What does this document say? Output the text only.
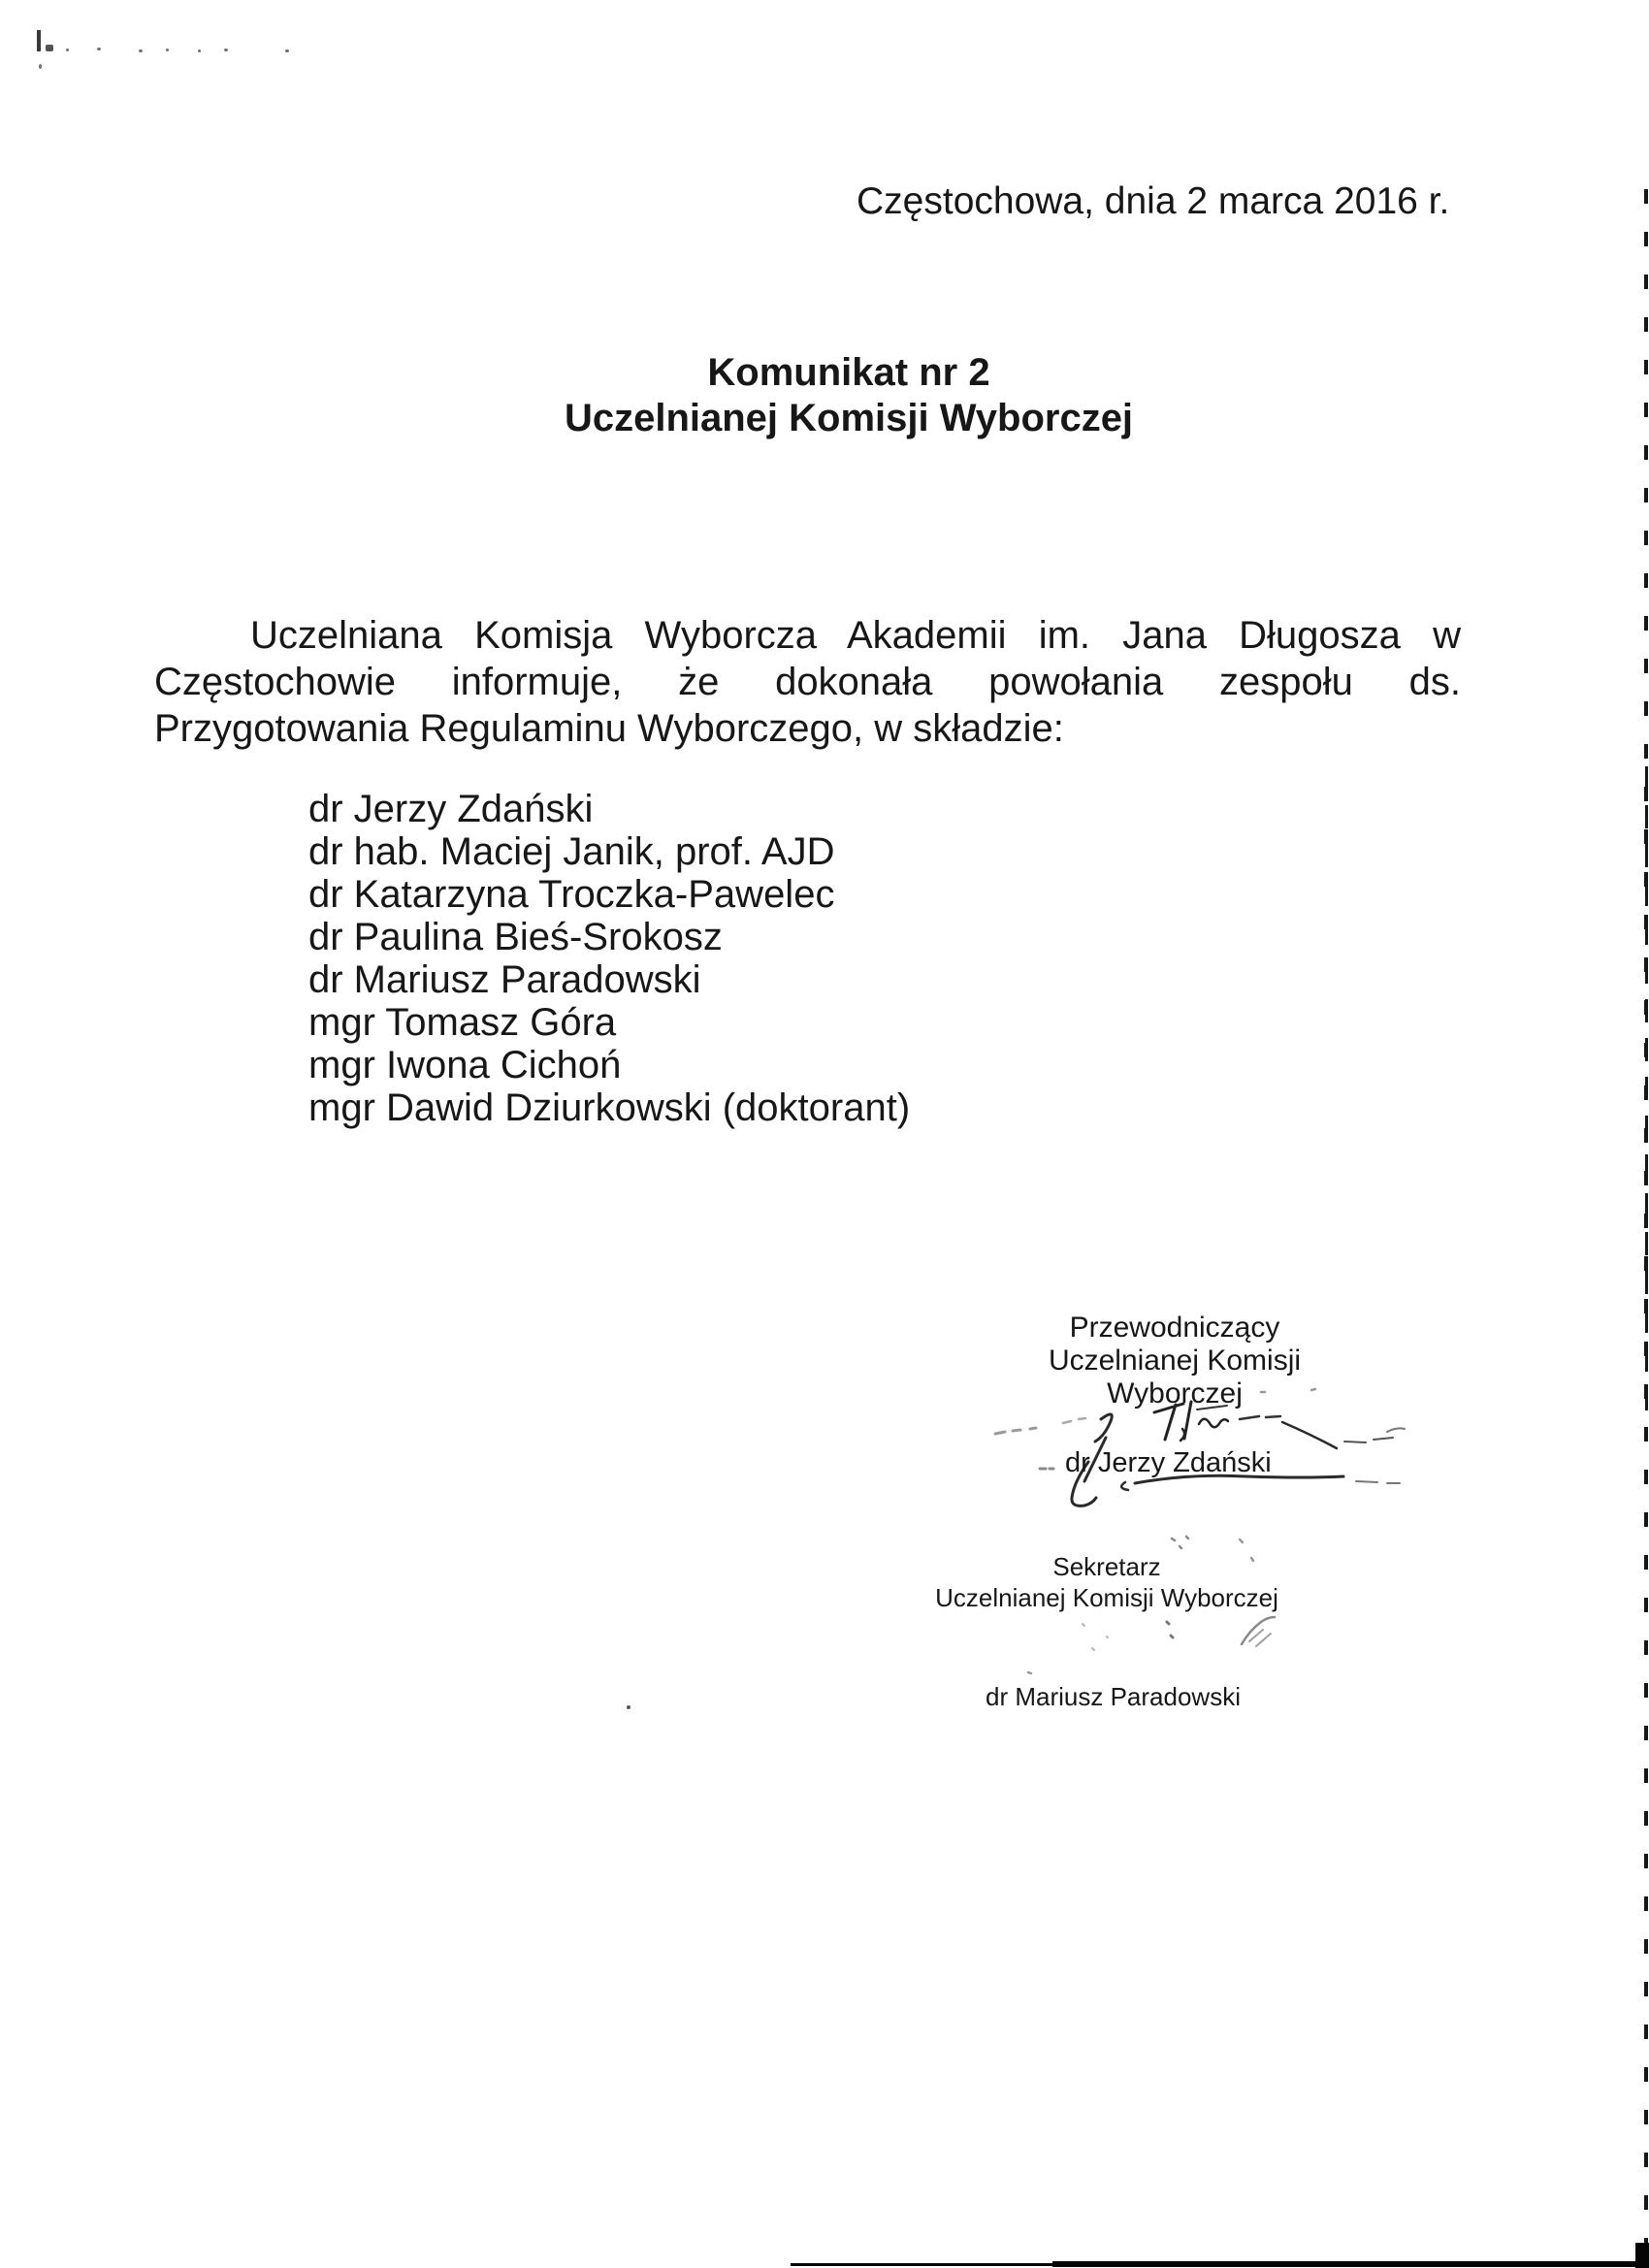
Częstochowa, dnia 2 marca 2016 r.
Komunikat nr 2
Uczelnianej Komisji Wyborczej
Uczelniana Komisja Wyborcza Akademii im. Jana Długosza w
Częstochowie informuje, że dokonała powołania zespołu ds.
Przygotowania Regulaminu Wyborczego, w składzie:
dr Jerzy Zdański
dr hab. Maciej Janik, prof. AJD
dr Katarzyna Troczka-Pawelec
dr Paulina Bieś-Srokosz
dr Mariusz Paradowski
mgr Tomasz Góra
mgr Iwona Cichoń
mgr Dawid Dziurkowski (doktorant)
Przewodniczący
Uczelnianej Komisji Wyborczej
dr Jerzy Zdański
Sekretarz
Uczelnianej Komisji Wyborczej
dr Mariusz Paradowski
